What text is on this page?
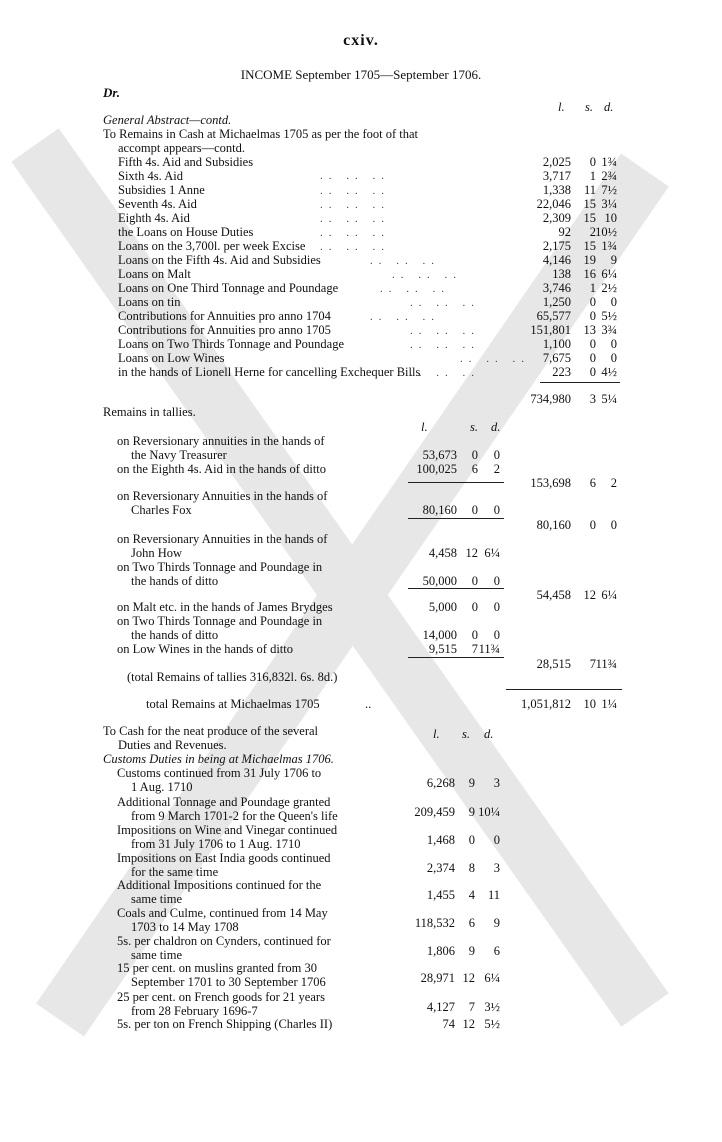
cxiv.
INCOME September 1705—September 1706.
Dr.
l. s. d.
General Abstract—contd.
To Remains in Cash at Michaelmas 1705 as per the foot of that
accompt appears—contd.
Fifth 4s. Aid and Subsidies	2,025	0 1¾
Sixth 4s. Aid	3,717	1 2¾
Subsidies 1 Anne	1,338	11 7½
Seventh 4s. Aid	22,046	15 3¼
Eighth 4s. Aid	2,309	15 10
the Loans on House Duties	92	2 10½
Loans on the 3,700l. per week Excise	2,175	15 1¾
Loans on the Fifth 4s. Aid and Subsidies	4,146	19	9
Loans on Malt	138	16 6¼
Loans on One Third Tonnage and Poundage	3,746	1 2½
Loans on tin	1,250	0	0
Contributions for Annuities pro anno 1704	65,577	0 5½
Contributions for Annuities pro anno 1705	151,801	13 3¾
Loans on Two Thirds Tonnage and Poundage	1,100	0	0
Loans on Low Wines	7,675	0	0
in the hands of Lionell Herne for cancelling Exchequer Bills	223	0 4½
734,980	3 5¼
Remains in tallies.
l.	s. d.
on Reversionary annuities in the hands of
the Navy Treasurer	53,673	0	0
on the Eighth 4s. Aid in the hands of ditto	100,025	6	2
on Reversionary Annuities in the hands of
Charles Fox	80,160	0	0
on Reversionary Annuities in the hands of
John How	4,458 12 6¼
on Two Thirds Tonnage and Poundage in
the hands of ditto	50,000	0	0
on Malt etc. in the hands of James Brydges	5,000	0	0
on Two Thirds Tonnage and Poundage in
the hands of ditto	14,000	0	0
on Low Wines in the hands of ditto	9,515	7 11¾
153,698	6	2
80,160	0	0
54,458	12 6¼
28,515	7 11¾
(total Remains of tallies 316,832l. 6s. 8d.)
total Remains at Michaelmas 1705	..	1,051,812	10 1¼
To Cash for the neat produce of the several
Duties and Revenues.
l. s. d.
Customs Duties in being at Michaelmas 1706.
Customs continued from 31 July 1706 to
1 Aug. 1710	6,268	9	3
Additional Tonnage and Poundage granted
from 9 March 1701-2 for the Queen's life	209,459	9 10¼
Impositions on Wine and Vinegar continued
from 31 July 1706 to 1 Aug. 1710	1,468	0	0
Impositions on East India goods continued
for the same time	2,374	8	3
Additional Impositions continued for the
same time	1,455	4	11
Coals and Culme, continued from 14 May
1703 to 14 May 1708	118,532	6	9
5s. per chaldron on Cynders, continued for
same time	1,806	9	6
15 per cent. on muslins granted from 30
September 1701 to 30 September 1706	28,971 12 6¼
25 per cent. on French goods for 21 years
from 28 February 1696-7	4,127	7 3½
5s. per ton on French Shipping (Charles II)	74 12 5½
.. .. ..
.. .. ..
.. .. ..
.. .. ..
.. .. ..
.. .. ..
.. .. ..
.. .. ..
.. .. ..
.. .. ..
.. .. ..
.. .. ..
.. .. ..
.. .. ..
.. .. ..
